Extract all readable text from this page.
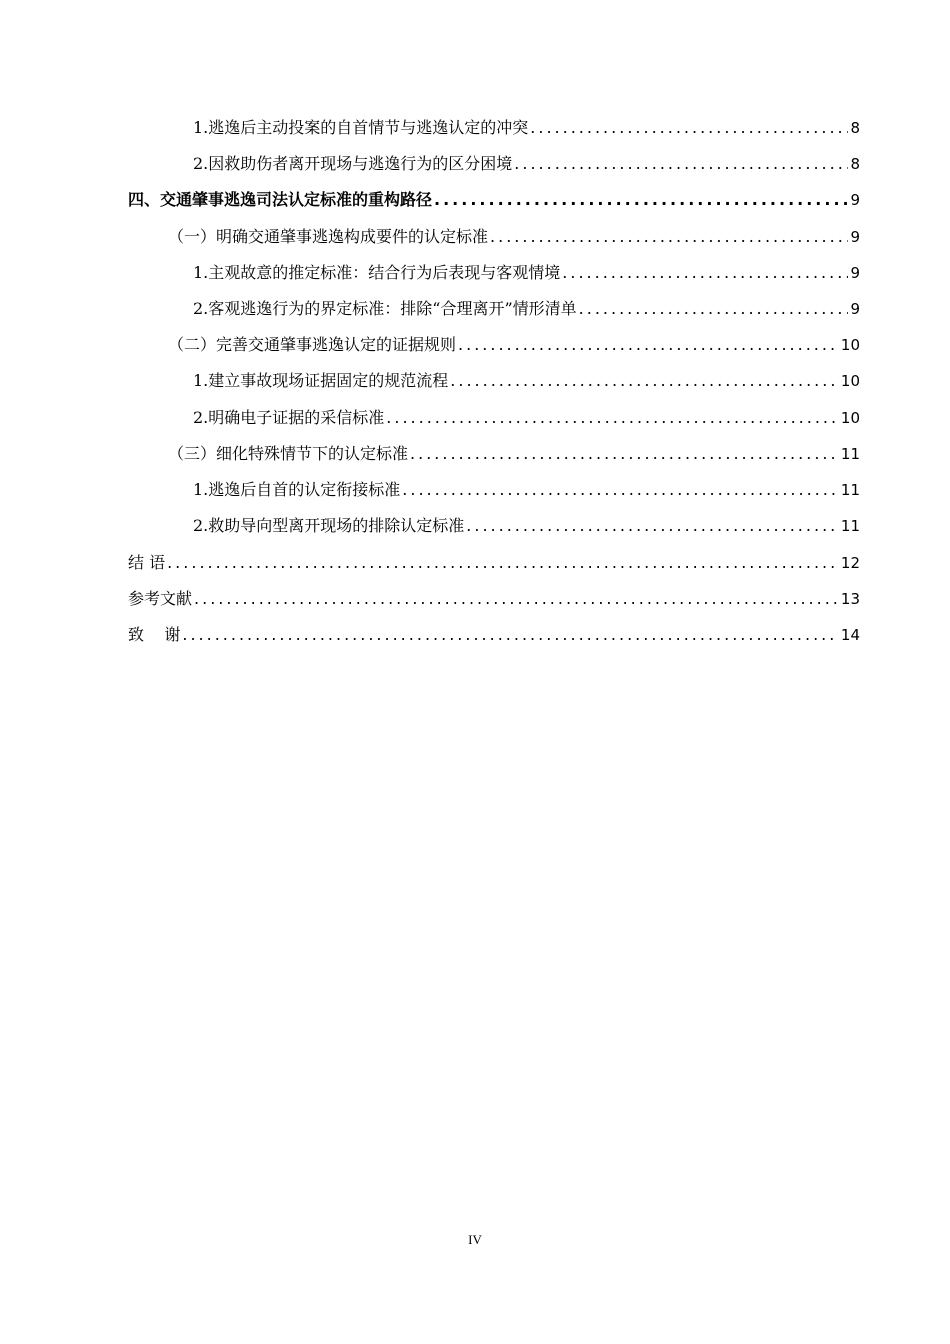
1.逃逸后主动投案的自首情节与逃逸认定的冲突 .....	8
2.因救助伤者离开现场与逃逸行为的区分困境 .....	8
四、交通肇事逃逸司法认定标准的重构路径 .....	9
（一）明确交通肇事逃逸构成要件的认定标准 .....	9
1.主观故意的推定标准：结合行为后表现与客观情境 .....	9
2.客观逃逸行为的界定标准：排除“合理离开”情形清单 .....	9
（二）完善交通肇事逃逸认定的证据规则 .....	10
1.建立事故现场证据固定的规范流程 .....	10
2.明确电子证据的采信标准 .....	10
（三）细化特殊情节下的认定标准 .....	11
1.逃逸后自首的认定衔接标准 .....	11
2.救助导向型离开现场的排除认定标准 .....	11
结 语 .....	12
参考文献 .....	13
致    谢 .....	14
IV
